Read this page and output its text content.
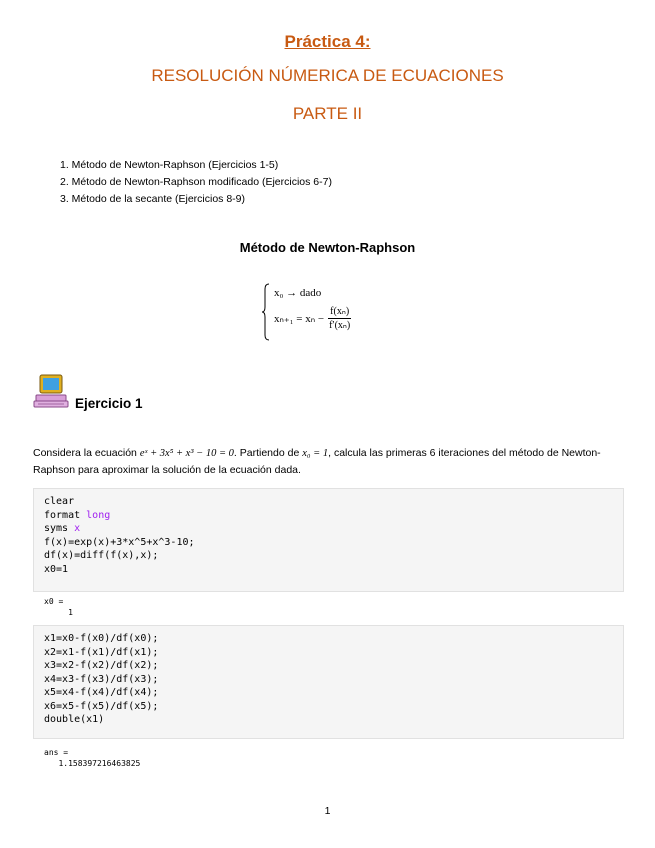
Práctica 4:
RESOLUCIÓN NÚMERICA DE ECUACIONES
PARTE II
1. Método de Newton-Raphson (Ejercicios 1-5)
2. Método de Newton-Raphson modificado (Ejercicios 6-7)
3. Método de la secante (Ejercicios 8-9)
Método de Newton-Raphson
x₀ → dado
$x_{n+1} = x_n - \frac{\text{f(xₙ)}}{\text{f′(xₙ)}}$
Ejercicio 1
Considera la ecuación eˣ + 3x⁵ + x³ − 10 = 0. Partiendo de x₀ = 1, calcula las primeras 6 iteraciones del método de Newton-Raphson para aproximar la solución de la ecuación dada.
clear
format long
syms x
f(x)=exp(x)+3*x^5+x^3-10;
df(x)=diff(f(x),x);
x0=1
x0 =
1
x1=x0-f(x0)/df(x0);
x2=x1-f(x1)/df(x1);
x3=x2-f(x2)/df(x2);
x4=x3-f(x3)/df(x3);
x5=x4-f(x4)/df(x4);
x6=x5-f(x5)/df(x5);
double(x1)
ans =
1.158397216463825
1
